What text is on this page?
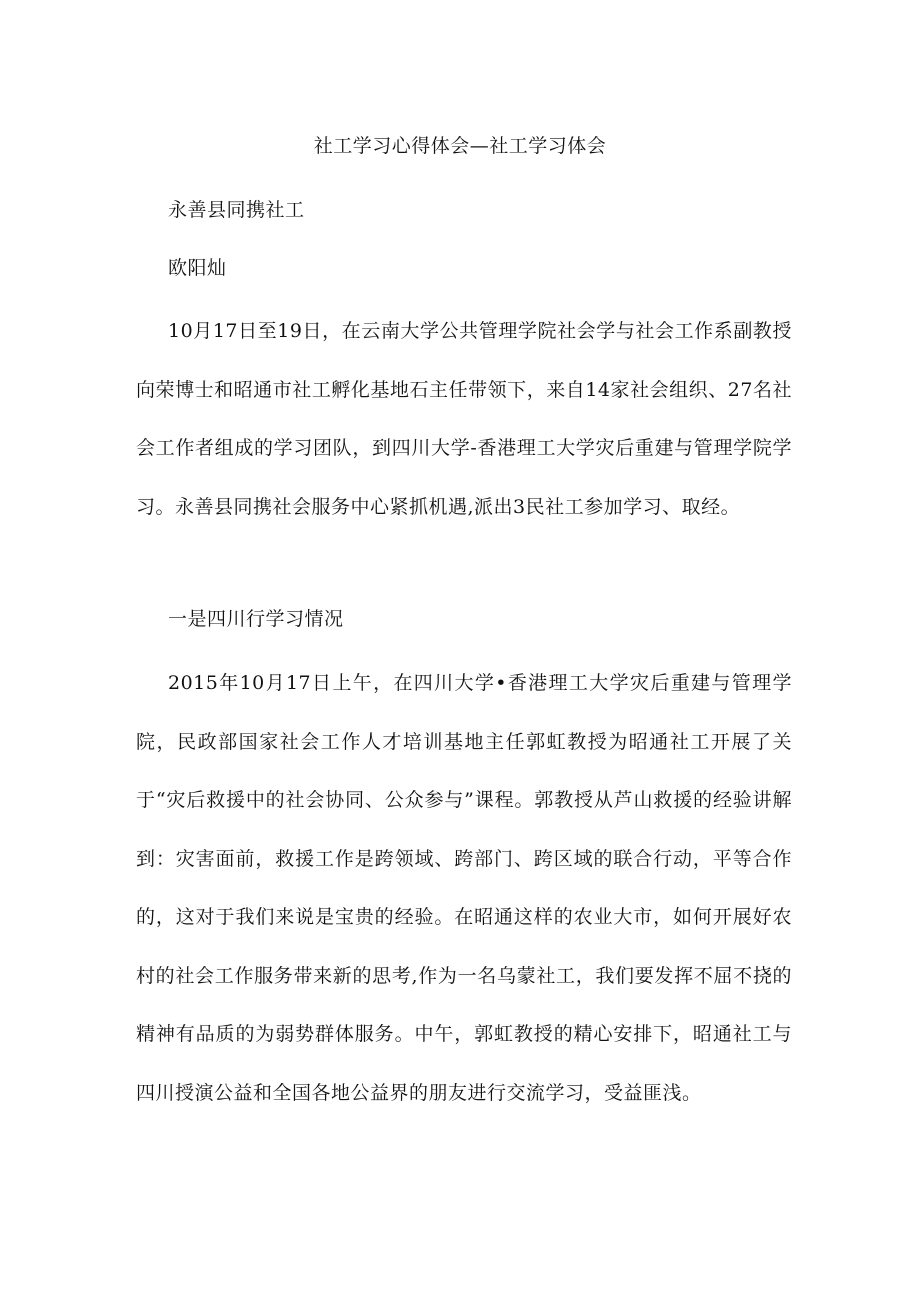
社工学习心得体会—社工学习体会

永善县同携社工

欧阳灿

10月17日至19日，在云南大学公共管理学院社会学与社会工作系副教授向荣博士和昭通市社工孵化基地石主任带领下，来自14家社会组织、27名社会工作者组成的学习团队，到四川大学-香港理工大学灾后重建与管理学院学习。永善县同携社会服务中心紧抓机遇,派出3民社工参加学习、取经。

一是四川行学习情况

2015年10月17日上午，在四川大学•香港理工大学灾后重建与管理学院，民政部国家社会工作人才培训基地主任郭虹教授为昭通社工开展了关于“灾后救援中的社会协同、公众参与”课程。郭教授从芦山救援的经验讲解到：灾害面前，救援工作是跨领域、跨部门、跨区域的联合行动，平等合作的，这对于我们来说是宝贵的经验。在昭通这样的农业大市，如何开展好农村的社会工作服务带来新的思考,作为一名乌蒙社工，我们要发挥不屈不挠的精神有品质的为弱势群体服务。中午，郭虹教授的精心安排下，昭通社工与四川授演公益和全国各地公益界的朋友进行交流学习，受益匪浅。
